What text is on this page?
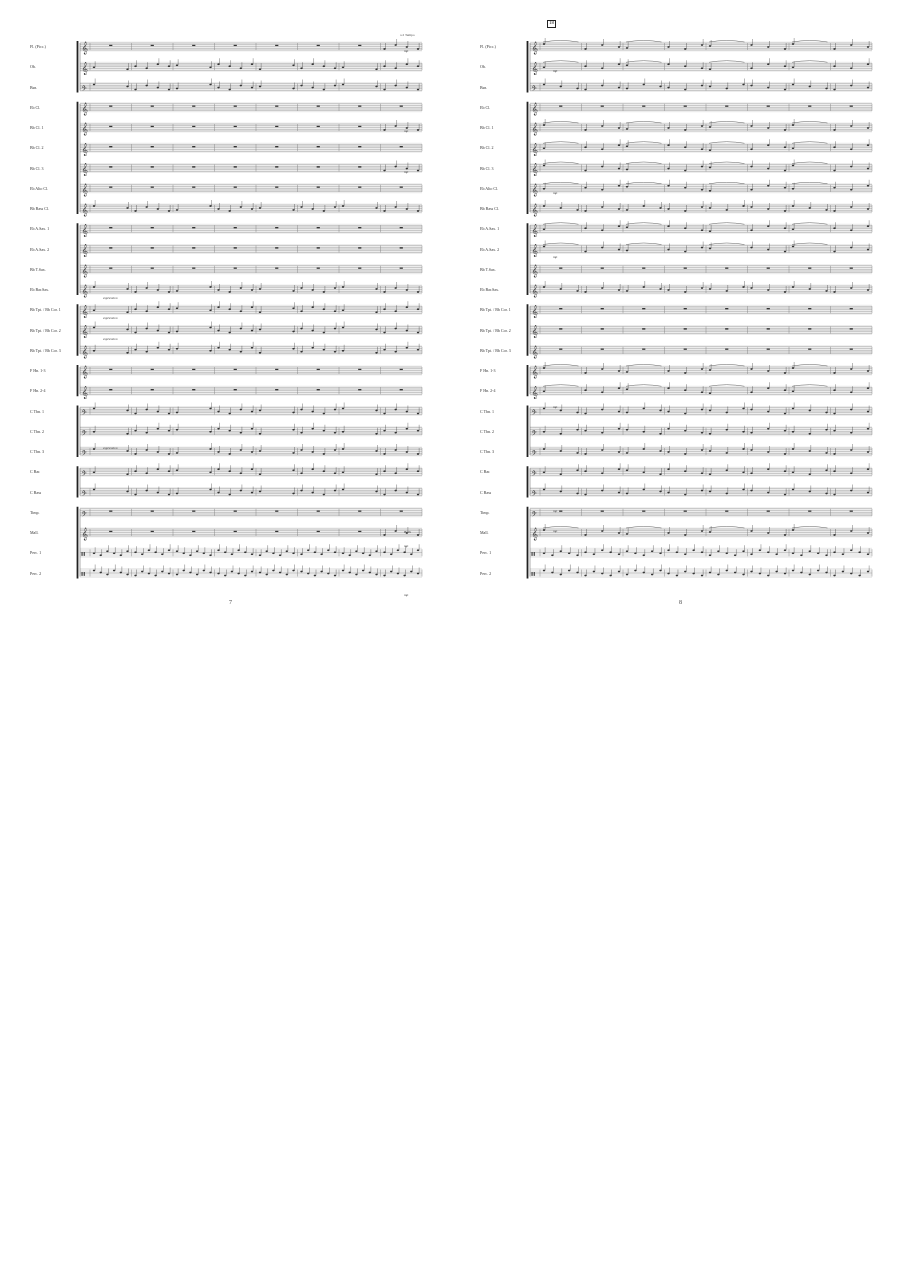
𝄞
𝄞
𝄢
𝄞
𝄞
𝄞
𝄞
𝄞
𝄞
𝄞
𝄞
𝄞
𝄞
𝄞
𝄞
𝄞
𝄞
𝄞
𝄢
𝄢
𝄢
𝄢
𝄢
𝄢
𝄞
𝄥
𝄥
Fl. (Picc.)
Ob.
Bsn.
Eb Cl.
Bb Cl. 1
Bb Cl. 2
Bb Cl. 3
Eb Alto Cl.
Bb Bass Cl.
Eb A.Sax. 1
Eb A.Sax. 2
Bb T.Sax.
Eb Bar.Sax.
Bb Tpt. / Bb Cor. 1
Bb Tpt. / Bb Cor. 2
Bb Tpt. / Bb Cor. 3
F Hn. 1-3
F Hn. 2-4
C Tbn. 1
C Tbn. 2
C Tbn. 3
C Bar.
C Bass
Timp.
Mall.
Perc. 1
Perc. 2
a 2 Tempo
7
mp
mp
mp
mp
mp
espressivo
espressivo
espressivo
espressivo
Bells
𝄞
𝄞
𝄢
𝄞
𝄞
𝄞
𝄞
𝄞
𝄞
𝄞
𝄞
𝄞
𝄞
𝄞
𝄞
𝄞
𝄞
𝄞
𝄢
𝄢
𝄢
𝄢
𝄢
𝄢
𝄞
𝄥
𝄥
Fl. (Picc.)
Ob.
Bsn.
Eb Cl.
Bb Cl. 1
Bb Cl. 2
Bb Cl. 3
Eb Alto Cl.
Bb Bass Cl.
Eb A.Sax. 1
Eb A.Sax. 2
Bb T.Sax.
Eb Bar.Sax.
Bb Tpt. / Bb Cor. 1
Bb Tpt. / Bb Cor. 2
Bb Tpt. / Bb Cor. 3
F Hn. 1-3
F Hn. 2-4
C Tbn. 1
C Tbn. 2
C Tbn. 3
C Bar.
C Bass
Timp.
Mall.
Perc. 1
Perc. 2
18
8
mp
mp
mp
mp
mp
mp
